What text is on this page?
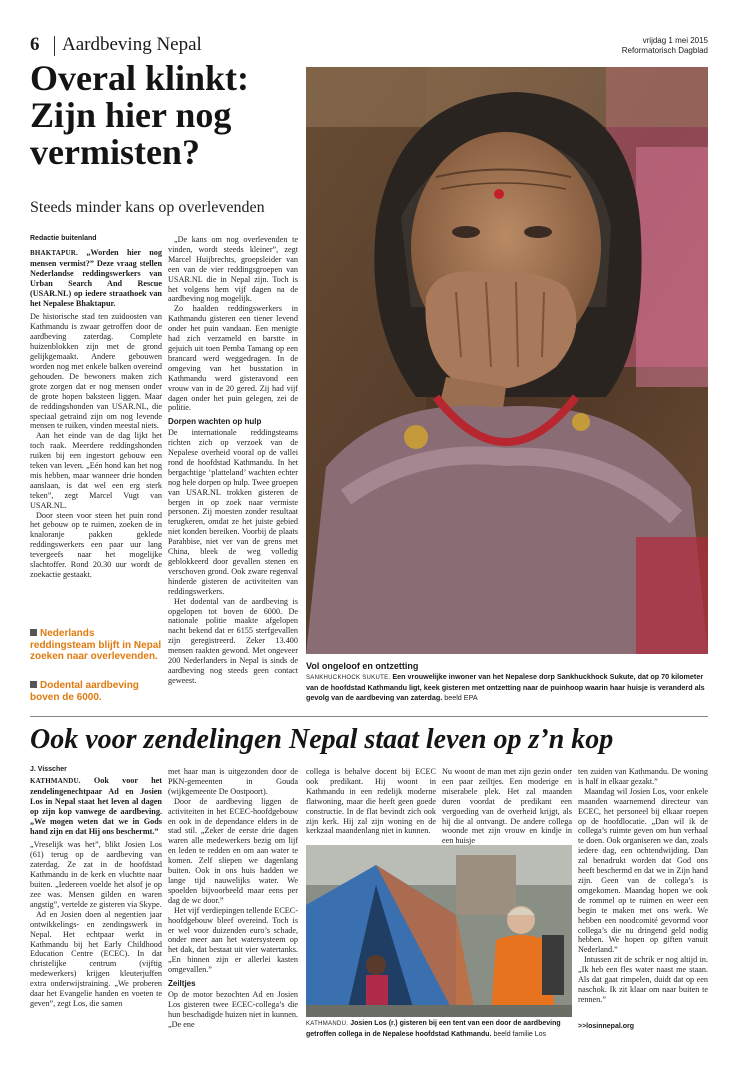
6 Aardbeving Nepal	vrijdag 1 mei 2015
Reformatorisch Dagblad
Overal klinkt: Zijn hier nog vermisten?
Steeds minder kans op overlevenden
Redactie buitenland

BHAKTAPUR. „Worden hier nog mensen vermist?” Deze vraag stellen Nederlandse reddingswerkers van Urban Search And Rescue (USAR.NL) op iedere straathoek van het Nepalese Bhaktapur.

De historische stad ten zuidoosten van Kathmandu is zwaar getroffen door de aardbeving zaterdag. Complete huizenblokken zijn met de grond gelijkgemaakt. Andere gebouwen worden nog met enkele balken overeind gehouden. De bewoners maken zich grote zorgen dat er nog mensen onder de grote hopen baksteen liggen. Maar de reddingshonden van USAR.NL, die speciaal getraind zijn om nog levende mensen te ruiken, vinden meestal niets.

Aan het einde van de dag lijkt het toch raak. Meerdere reddingshonden ruiken bij een ingestort gebouw een teken van leven. „Eén hond kan het nog mis hebben, maar wanneer drie honden aanslaan, is dat wel een erg sterk teken”, zegt Marcel Vugt van USAR.NL.

Door steen voor steen het puin rond het gebouw op te ruimen, zoeken de in knaloranje pakken geklede reddingswerkers een paar uur lang tevergeefs naar het mogelijke slachtoffer. Rond 20.30 uur wordt de zoekactie gestaakt.

Nederlands reddingsteam blijft in Nepal zoeken naar overlevenden.
Dodental aardbeving boven de 6000.

„De kans om nog overlevenden te vinden, wordt steeds kleiner”, zegt Marcel Huijbrechts, groepsleider van een van de vier reddingsgroepen van USAR.NL die in Nepal zijn. Toch is het volgens hem vijf dagen na de aardbeving nog mogelijk.

Zo haalden reddingswerkers in Kathmandu gisteren een tiener levend onder het puin vandaan. Een menigte had zich verzameld en barstte in gejuich uit toen Pemba Tamang op een brancard werd weggedragen. In de omgeving van het busstation in Kathmandu werd gisteravond een vrouw van in de 20 gered. Zij had vijf dagen onder het puin gelegen, zei de politie.

Dorpen wachten op hulp

De internationale reddingsteams richten zich op verzoek van de Nepalese overheid vooral op de vallei rond de hoofdstad Kathmandu. In het bergachtige ‘platteland’ wachten echter nog hele dorpen op hulp. Twee groepen van USAR.NL trokken gisteren de bergen in op zoek naar vermiste personen. Zij moesten zonder resultaat terugkeren, omdat ze het juiste gebied niet konden bereiken. Voorbij de plaats Parahbise, niet ver van de grens met China, bleek de weg volledig geblokkeerd door gevallen stenen en verschoven grond. Ook zware regenval hinderde gisteren de activiteiten van reddingswerkers.

Het dodental van de aardbeving is opgelopen tot boven de 6000. De nationale politie maakte afgelopen nacht bekend dat er 6155 sterfgevallen zijn geregistreerd. Zeker 13.400 mensen raakten gewond. Met ongeveer 200 Nederlanders in Nepal is sinds de aardbeving nog steeds geen contact geweest.

Vol ongeloof en ontzetting
SANKHUCKHOCK SUKUTE. Een vrouwelijke inwoner van het Nepalese dorp Sankhuckhock Sukute, dat op 70 kilometer van de hoofdstad Kathmandu ligt, keek gisteren met ontzetting naar de puinhoop waarin haar huisje is veranderd als gevolg van de aardbeving van zaterdag. beeld EPA
Ook voor zendelingen Nepal staat leven op z’n kop
J. Visscher

KATHMANDU. Ook voor het zendelingenechtpaar Ad en Josien Los in Nepal staat het leven al dagen op zijn kop vanwege de aardbeving. „We mogen weten dat we in Gods hand zijn en dat Hij ons beschermt.”

„Vreselijk was het”, blikt Josien Los (61) terug op de aardbeving van zaterdag. Ze zat in de hoofdstad Kathmandu in de kerk en vluchtte naar buiten. „Iedereen voelde het alsof je op zee was. Mensen gilden en waren angstig”, vertelde ze gisteren via Skype.

Ad en Josien doen al negentien jaar ontwikkelings- en zendingswerk in Nepal. Het echtpaar werkt in Kathmandu bij het Early Childhood Education Centre (ECEC). In dat christelijke centrum (vijftig medewerkers) krijgen kleuterjuffen extra onderwijstraining. „We proberen daar het Evangelie handen en voeten te geven”, zegt Los, die samen

met haar man is uitgezonden door de PKN-gemeenten in Gouda (wijkgemeente De Oostpoort).

Door de aardbeving liggen de activiteiten in het ECEC-hoofdgebouw en ook in de dependance elders in de stad stil. „Zeker de eerste drie dagen waren alle medewerkers bezig om lijf en leden te redden en om aan water te komen. Zelf sliepen we dagenlang buiten. Ook in ons huis hadden we lange tijd nauwelijks water. We spoelden bijvoorbeeld maar eens per dag de wc door.”

Het vijf verdiepingen tellende ECEC-hoofdgebouw bleef overeind. Toch is er wel voor duizenden euro’s schade, onder meer aan het watersysteem op het dak, dat bestaat uit vier watertanks. „En binnen zijn er allerlei kasten omgevallen.”

Zeiltjes

Op de motor bezochten Ad en Josien Los gisteren twee ECEC-collega’s die hun beschadigde huizen niet in kunnen. „De ene

collega is behalve docent bij ECEC ook predikant. Hij woont in Kathmandu in een redelijk moderne flatwoning, maar die heeft geen goede constructie. In de flat bevindt zich ook zijn kerk. Hij zal zijn woning en de kerkzaal maandenlang niet in kunnen.

Nu woont de man met zijn gezin onder een paar zeiltjes. Een moderige en miserabele plek. Het zal maanden duren voordat de predikant een vergoeding van de overheid krijgt, als hij die al ontvangt. De andere collega woonde met zijn vrouw en kindje in een huisje

ten zuiden van Kathmandu. De woning is half in elkaar gezakt.”

Maandag wil Josien Los, voor enkele maanden waarnemend directeur van ECEC, het personeel bij elkaar roepen op de hoofdlocatie. „Dan wil ik de collega’s ruimte geven om hun verhaal te doen. Ook organiseren we dan, zoals iedere dag, een ochtendwijding. Dan zal benadrukt worden dat God ons heeft beschermd en dat we in Zijn hand zijn. Geen van de collega’s is omgekomen. Maandag hopen we ook de rommel op te ruimen en weer een begin te maken met ons werk. We hebben een noodcomité gevormd voor collega’s die nu dringend geld nodig hebben. We hopen op giften vanuit Nederland.”

Intussen zit de schrik er nog altijd in. „Ik heb een fles water naast me staan. Als dat gaat rimpelen, duidt dat op een naschok. Ik zit klaar om naar buiten te rennen.”

KATHMANDU. Josien Los (r.) gisteren bij een tent van een door de aardbeving getroffen collega in de Nepalese hoofdstad Kathmandu. beeld familie Los
>>losinnepal.org
